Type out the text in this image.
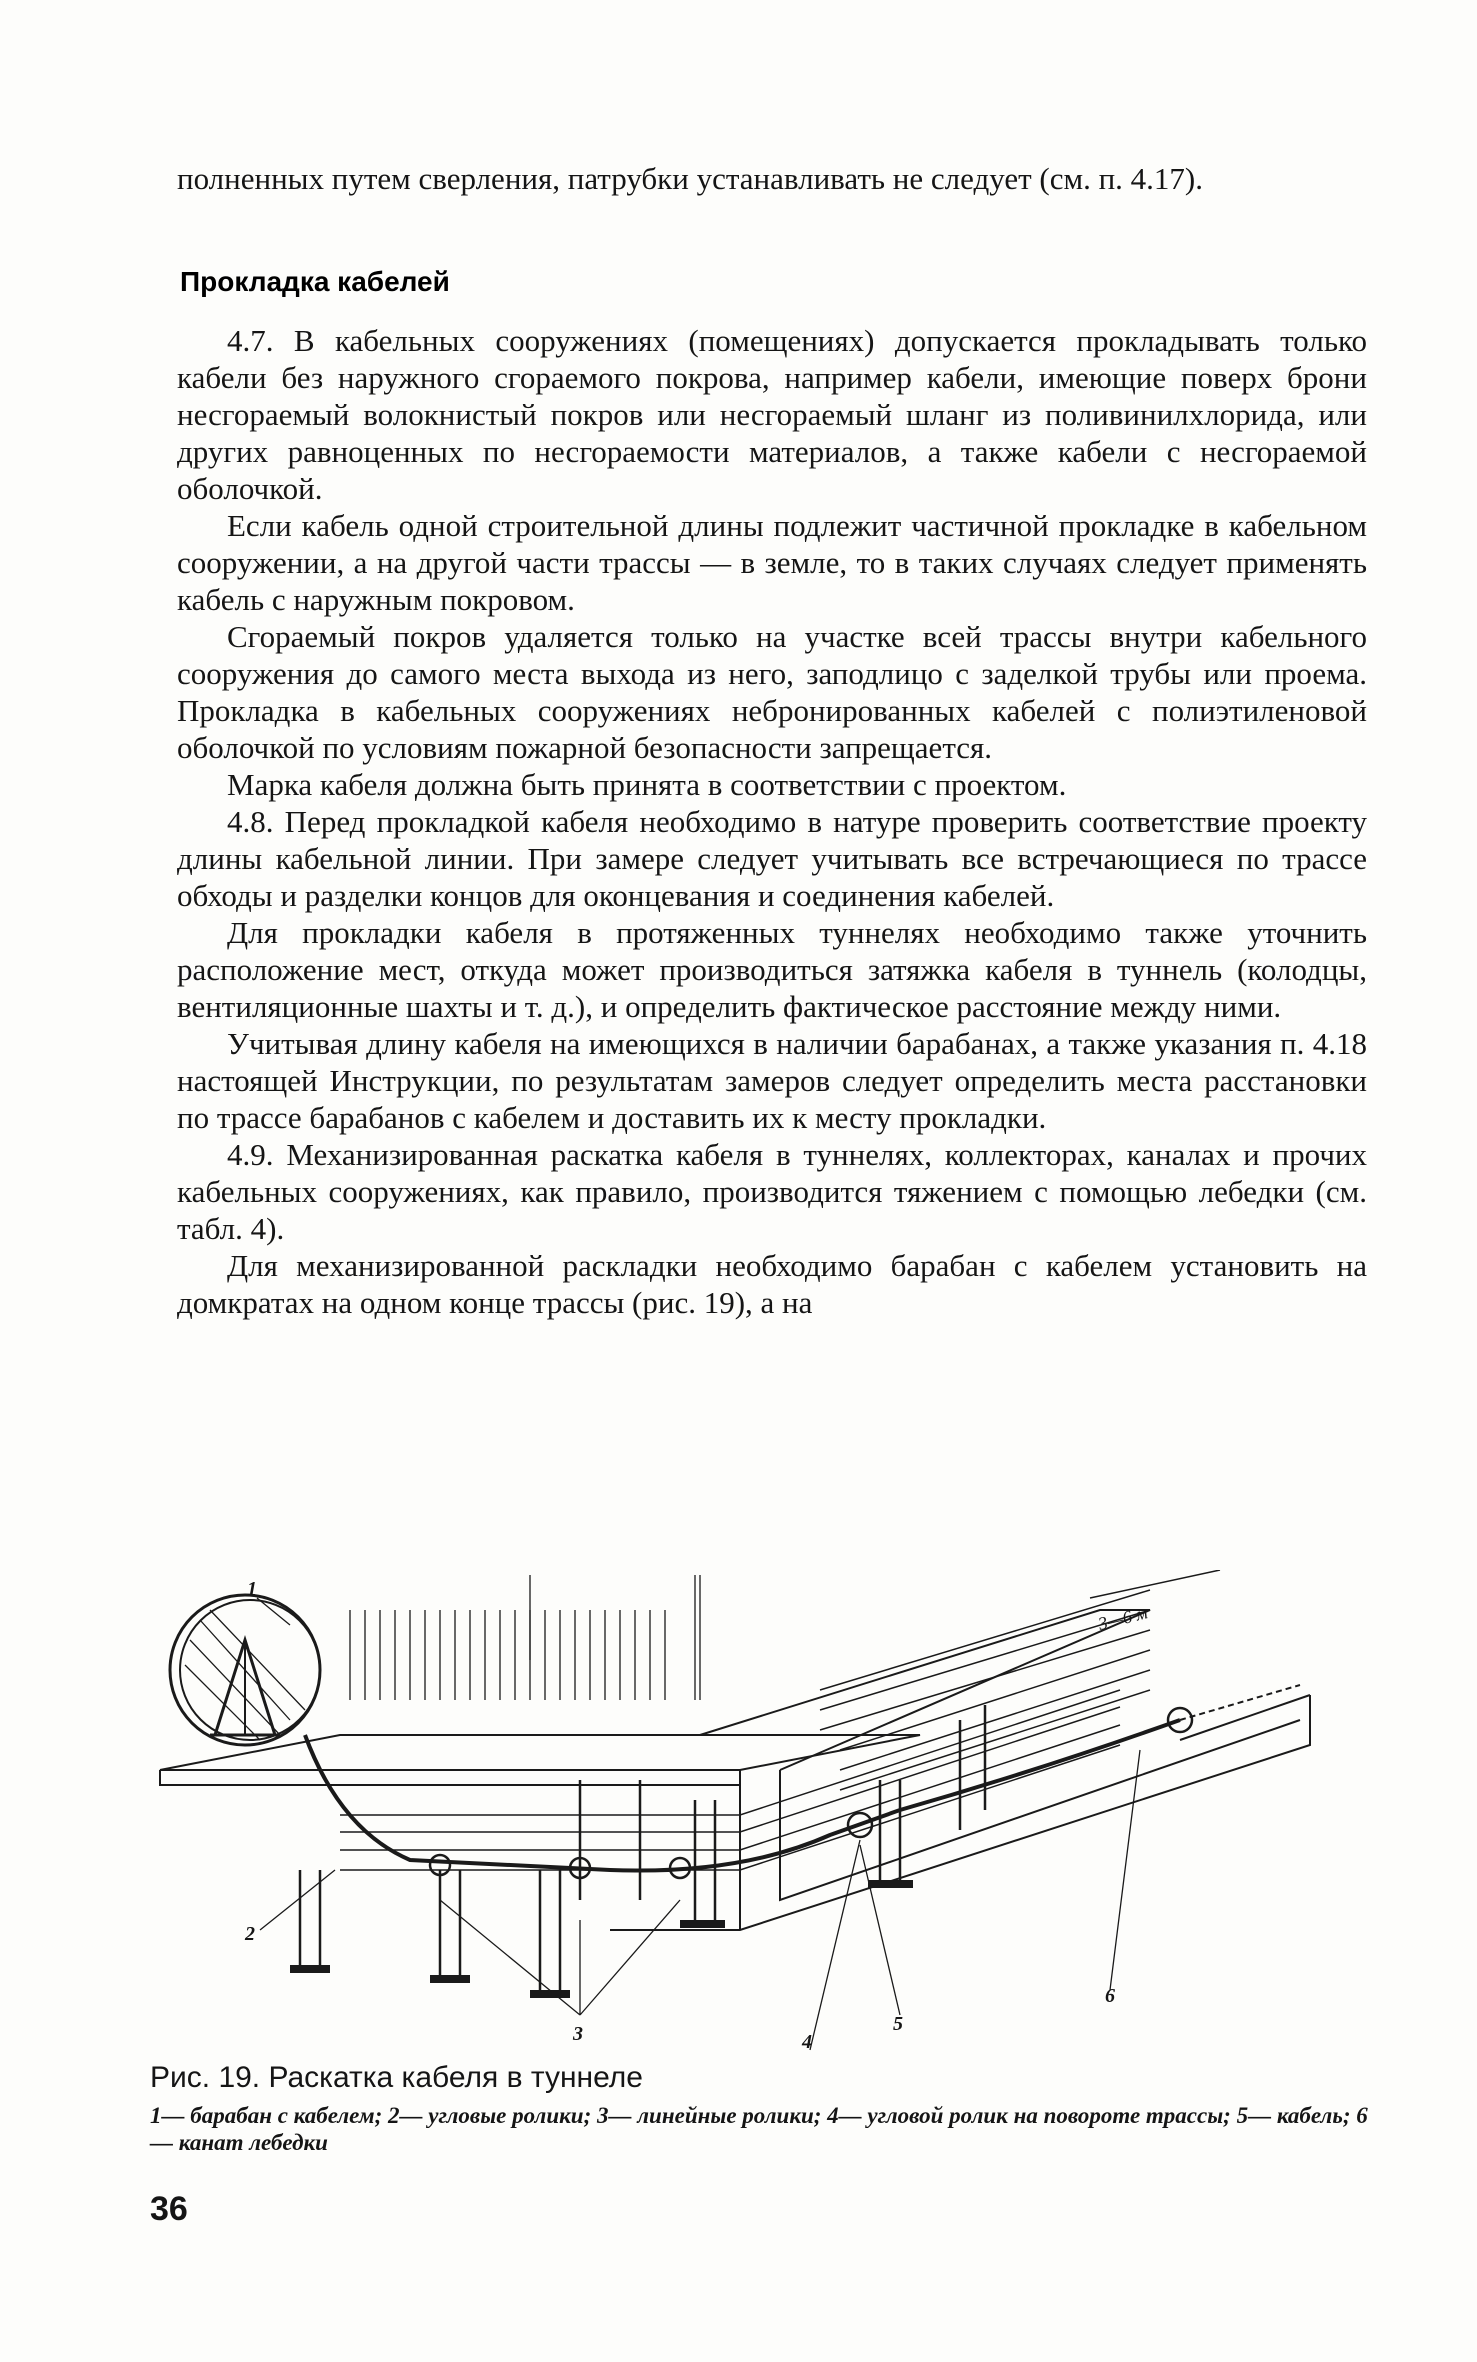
полненных путем сверления, патрубки устанавливать не следует (см. п. 4.17).

Прокладка кабелей

4.7. В кабельных сооружениях (помещениях) допускается прокладывать только кабели без наружного сгораемого покрова, например кабели, имеющие поверх брони несгораемый волокнистый покров или несгораемый шланг из поливинилхлорида, или других равноценных по несгораемости материалов, а также кабели с несгораемой оболочкой.

Если кабель одной строительной длины подлежит частичной прокладке в кабельном сооружении, а на другой части трассы — в земле, то в таких случаях следует применять кабель с наружным покровом.

Сгораемый покров удаляется только на участке всей трассы внутри кабельного сооружения до самого места выхода из него, заподлицо с заделкой трубы или проема. Прокладка в кабельных сооружениях небронированных кабелей с полиэтиленовой оболочкой по условиям пожарной безопасности запрещается.

Марка кабеля должна быть принята в соответствии с проектом.

4.8. Перед прокладкой кабеля необходимо в натуре проверить соответствие проекту длины кабельной линии. При замере следует учитывать все встречающиеся по трассе обходы и разделки концов для оконцевания и соединения кабелей.

Для прокладки кабеля в протяженных туннелях необходимо также уточнить расположение мест, откуда может производиться затяжка кабеля в туннель (колодцы, вентиляционные шахты и т. д.), и определить фактическое расстояние между ними.

Учитывая длину кабеля на имеющихся в наличии барабанах, а также указания п. 4.18 настоящей Инструкции, по результатам замеров следует определить места расстановки по трассе барабанов с кабелем и доставить их к месту прокладки.

4.9. Механизированная раскатка кабеля в туннелях, коллекторах, каналах и прочих кабельных сооружениях, как правило, производится тяжением с помощью лебедки (см. табл. 4).

Для механизированной раскладки необходимо барабан с кабелем установить на домкратах на одном конце трассы (рис. 19), а на

1
2
3	4
5
6
3—6 м
Рис. 19. Раскатка кабеля в туннеле
1— барабан с кабелем; 2— угловые ролики; 3— линейные ролики; 4— угловой ролик на повороте трассы; 5— кабель; 6— канат лебедки
36
